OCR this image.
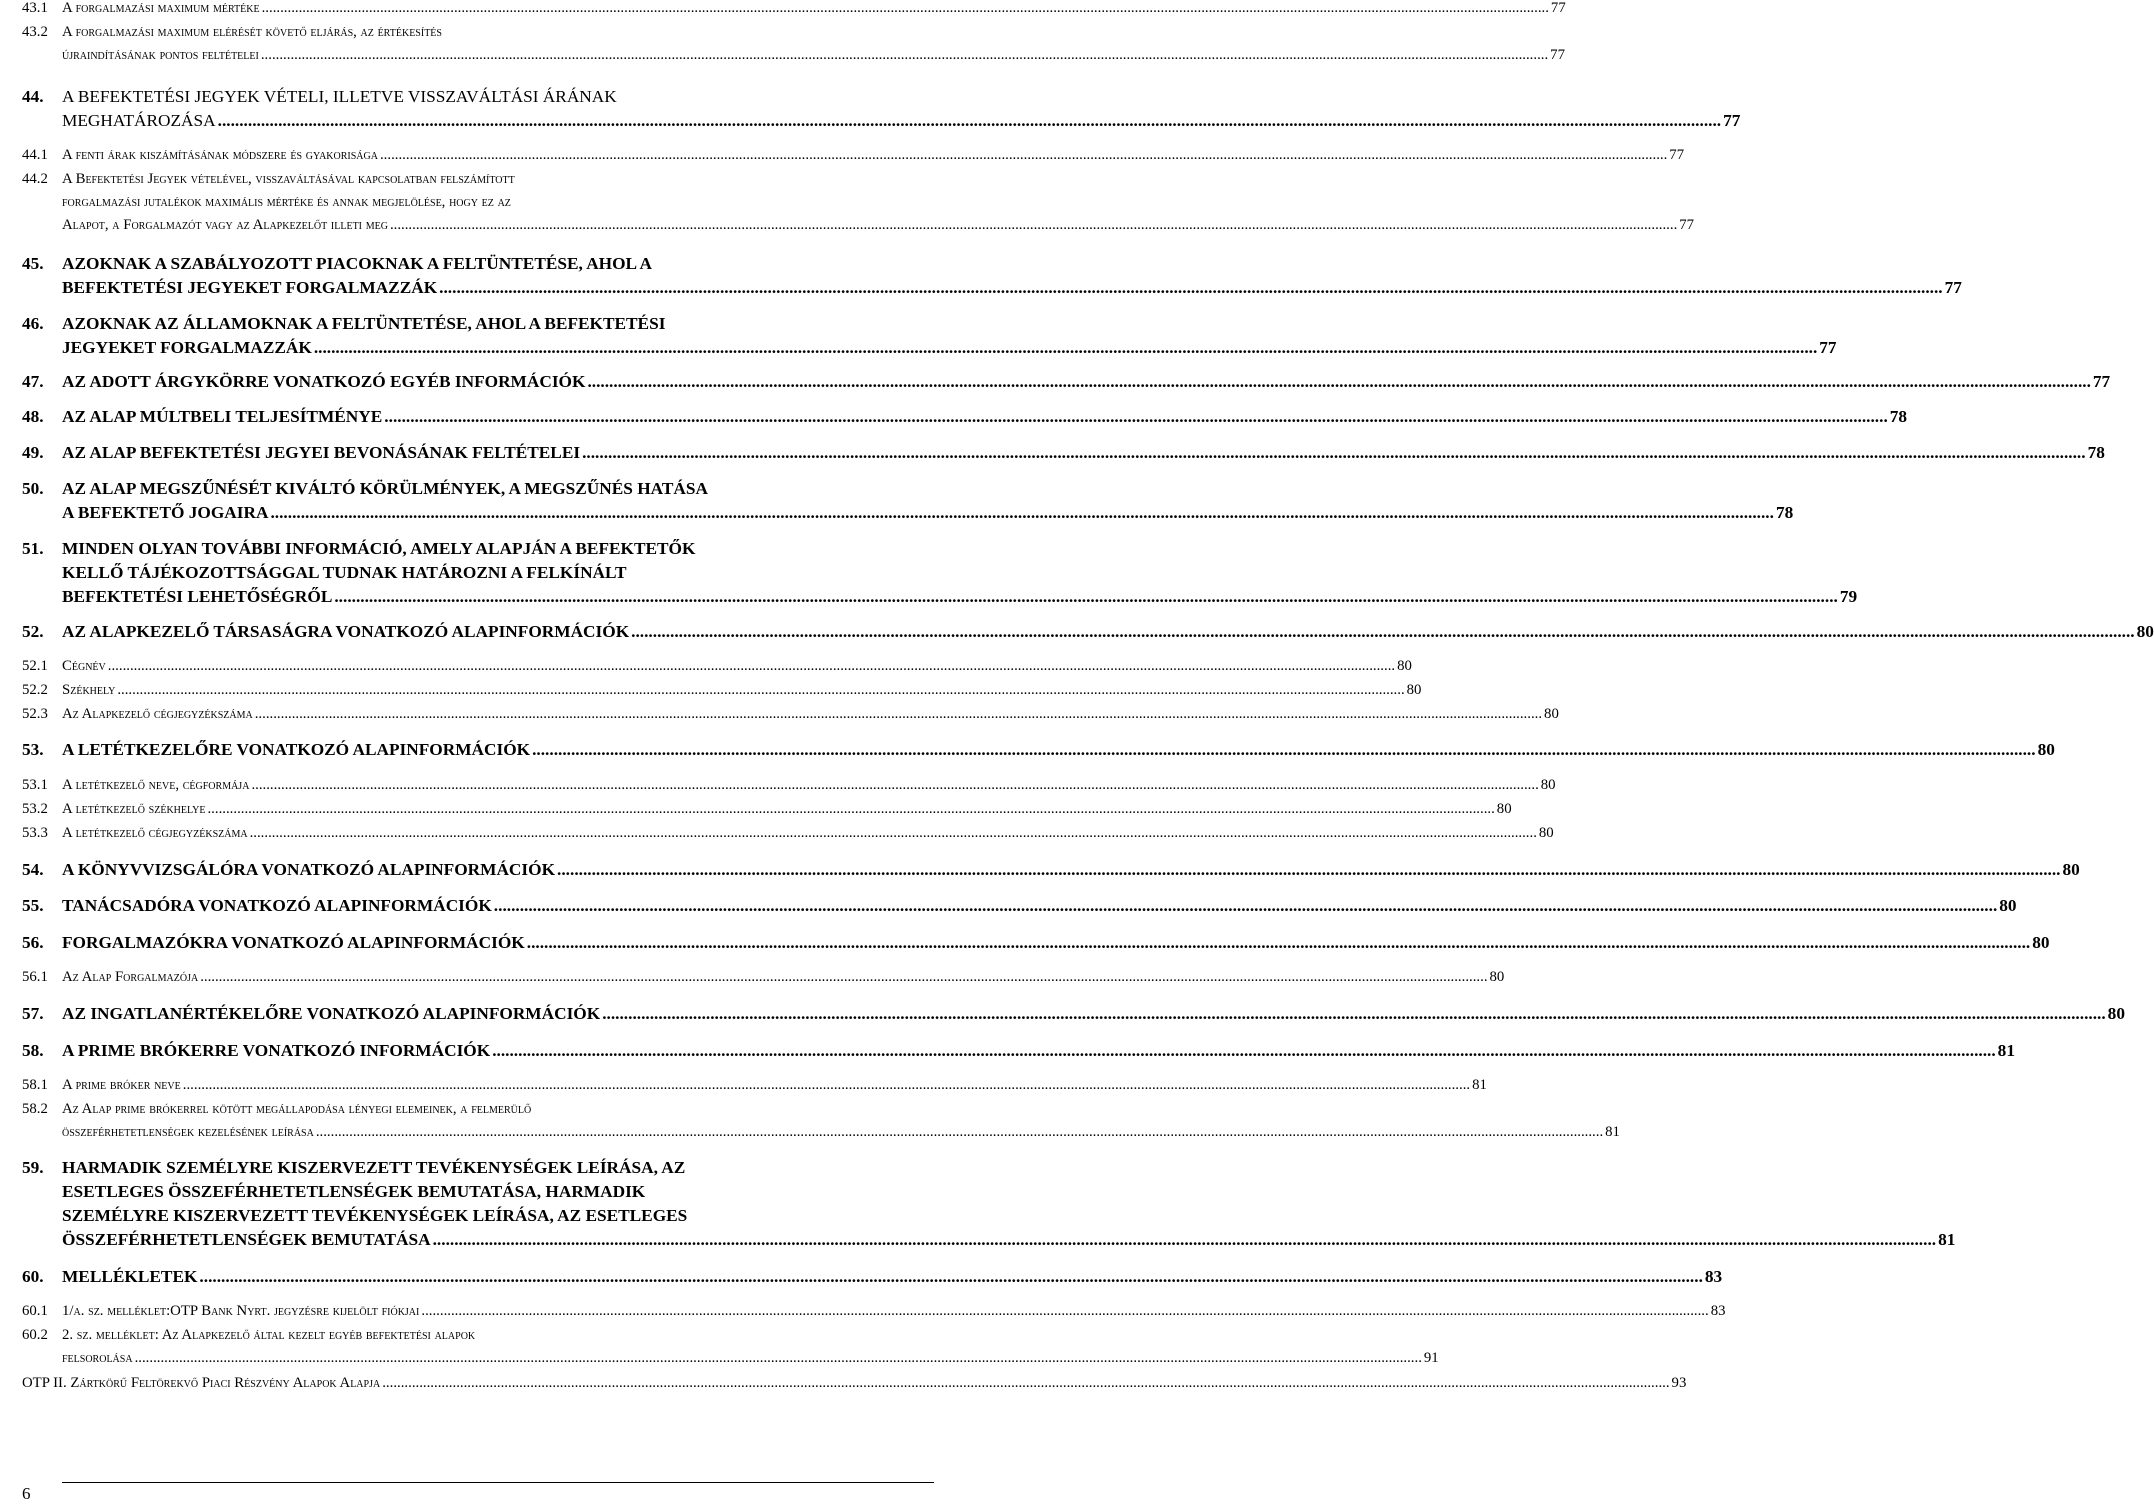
43.1 A forgalmazási maximum mértéke .....	77
43.2 A forgalmazási maximum elérését követő eljárás, az értékesítés
újraindításának pontos feltételei .....	77
44. A BEFEKTETÉSI JEGYEK VÉTELI, ILLETVE VISSZAVÁLTÁSI ÁRÁNAK
MEGHATÁROZÁSA .....	77
44.1 A fenti árak kiszámításának módszere és gyakorisága .....	77
44.2 A Befektetési Jegyek vételével, visszaváltásával kapcsolatban felszámított
forgalmazási jutalékok maximális mértéke és annak megjelölése, hogy ez az
Alapot, a Forgalmazót vagy az Alapkezelőt illeti meg .....	77
45. AZOKNAK A SZABÁLYOZOTT PIACOKNAK A FELTÜNTETÉSE, AHOL A
BEFEKTETÉSI JEGYEKET FORGALMAZZÁK .....	77
46. AZOKNAK AZ ÁLLAMOKNAK A FELTÜNTETÉSE, AHOL A BEFEKTETÉSI
JEGYEKET FORGALMAZZÁK .....	77
47. AZ ADOTT ÁRGYKÖRRE VONATKOZÓ EGYÉB INFORMÁCIÓK .....	77
48. AZ ALAP MÚLTBELI TELJESÍTMÉNYE .....	78
49. AZ ALAP BEFEKTETÉSI JEGYEI BEVONÁSÁNAK FELTÉTELEI .....	78
50. AZ ALAP MEGSZŰNÉSÉT KIVÁLTÓ KÖRÜLMÉNYEK, A MEGSZŰNÉS HATÁSA
A BEFEKTETŐ JOGAIRA .....	78
51. MINDEN OLYAN TOVÁBBI INFORMÁCIÓ, AMELY ALAPJÁN A BEFEKTETŐK
KELLŐ TÁJÉKOZOTTSÁGGAL TUDNAK HATÁROZNI A FELKÍNÁLT
BEFEKTETÉSI LEHETŐSÉGRŐL .....	79
52. AZ ALAPKEZELŐ TÁRSASÁGRA VONATKOZÓ ALAPINFORMÁCIÓK .....	80
52.1 Cégnév .....	80
52.2 Székhely .....	80
52.3 Az Alapkezelő cégjegyzékszáma .....	80
53. A LETÉTKEZELŐRE VONATKOZÓ ALAPINFORMÁCIÓK .....	80
53.1 A letétkezelő neve, cégformája .....	80
53.2 A letétkezelő székhelye .....	80
53.3 A letétkezelő cégjegyzékszáma .....	80
54. A KÖNYVVIZSGÁLÓRA VONATKOZÓ ALAPINFORMÁCIÓK .....	80
55. TANÁCSADÓRA VONATKOZÓ ALAPINFORMÁCIÓK .....	80
56. FORGALMAZÓKRA VONATKOZÓ ALAPINFORMÁCIÓK .....	80
56.1 Az Alap Forgalmazója .....	80
57. AZ INGATLANÉRTÉKELŐRE VONATKOZÓ ALAPINFORMÁCIÓK .....	80
58. A PRIME BRÓKERRE VONATKOZÓ INFORMÁCIÓK .....	81
58.1 A prime bróker neve .....	81
58.2 Az Alap prime brókerrel kötött megállapodása lényegi elemeinek, a felmerülő
összeférhetetlenségek kezelésének leírása .....	81
59. HARMADIK SZEMÉLYRE KISZERVEZETT TEVÉKENYSÉGEK LEÍRÁSA, AZ
ESETLEGES ÖSSZEFÉRHETETLENSÉGEK BEMUTATÁSA, HARMADIK
SZEMÉLYRE KISZERVEZETT TEVÉKENYSÉGEK LEÍRÁSA, AZ ESETLEGES
ÖSSZEFÉRHETETLENSÉGEK BEMUTATÁSA .....	81
60. MELLÉKLETEK .....	83
60.1 1/a. sz. melléklet:OTP Bank Nyrt. jegyzésre kijelölt fiókjai .....	83
60.2 2. sz. melléklet: Az Alapkezelő által kezelt egyéb befektetési alapok
felsorolása .....	91
OTP II. Zártkörű Feltörekvő Piaci Részvény Alapok Alapja .....	93
6
